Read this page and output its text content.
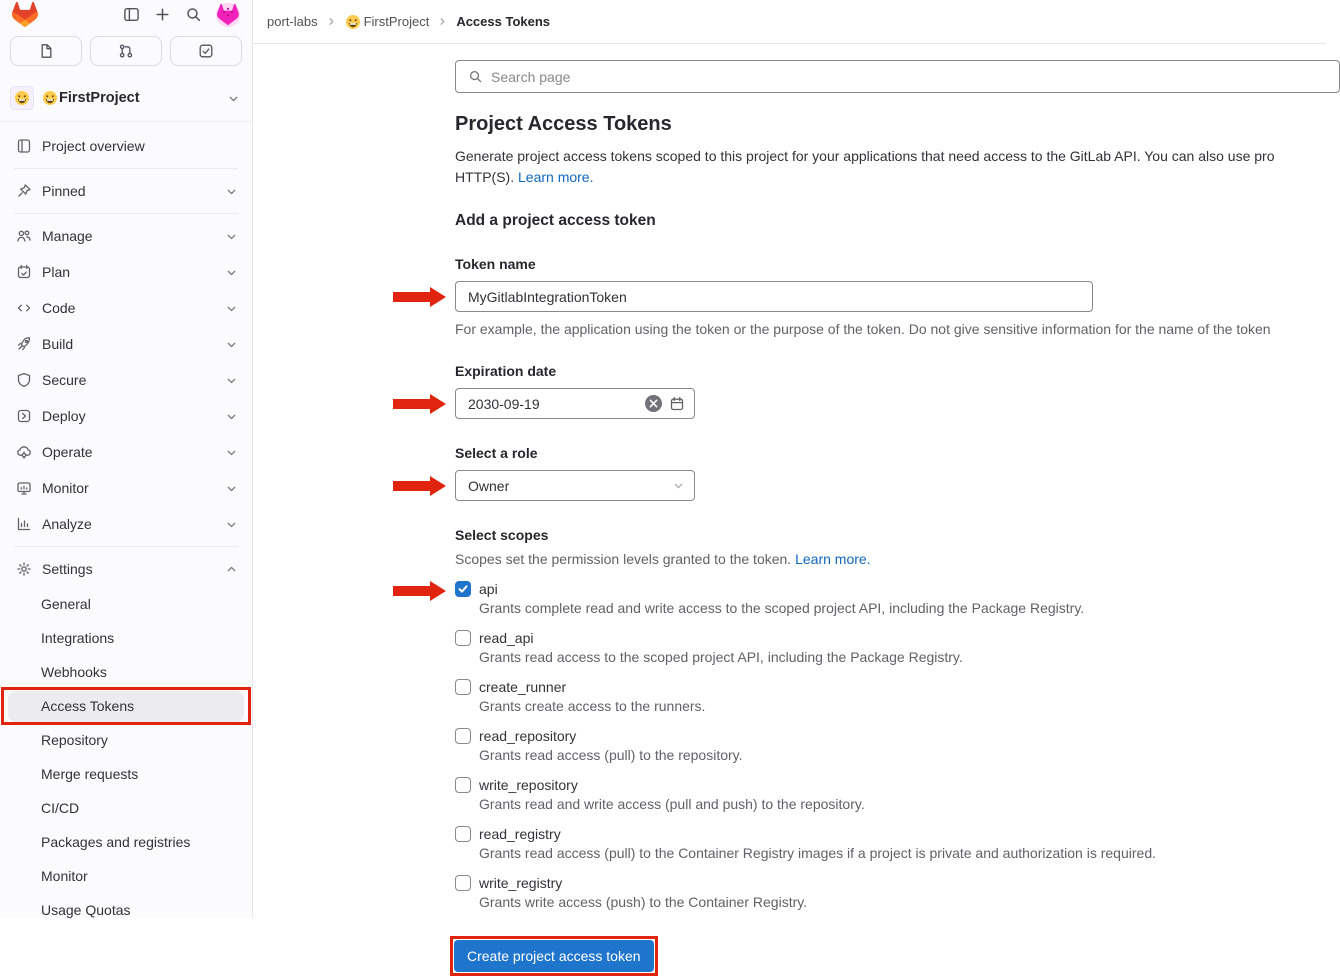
FirstProject
Project overview
Pinned
Manage
Plan
Code
Build
Secure
Deploy
Operate
Monitor
Analyze
Settings
General
Integrations
Webhooks
Access Tokens
Repository
Merge requests
CI/CD
Packages and registries
Monitor
Usage Quotas
port-labs	FirstProject Access Tokens
Search page
Project Access Tokens

Generate project access tokens scoped to this project for your applications that need access to the GitLab API. You can also use pro

HTTP(S). Learn more.

Add a project access token
Token name
MyGitlabIntegrationToken

For example, the application using the token or the purpose of the token. Do not give sensitive information for the name of the token

Expiration date
2030-09-19
Select a role
Owner
Select scopes

Scopes set the permission levels granted to the token. Learn more.

api

Grants complete read and write access to the scoped project API, including the Package Registry.

read_api

Grants read access to the scoped project API, including the Package Registry.

create_runner

Grants create access to the runners.

read_repository

Grants read access (pull) to the repository.

write_repository

Grants read and write access (pull and push) to the repository.

read_registry

Grants read access (pull) to the Container Registry images if a project is private and authorization is required.

write_registry

Grants write access (push) to the Container Registry.

Create project access token
